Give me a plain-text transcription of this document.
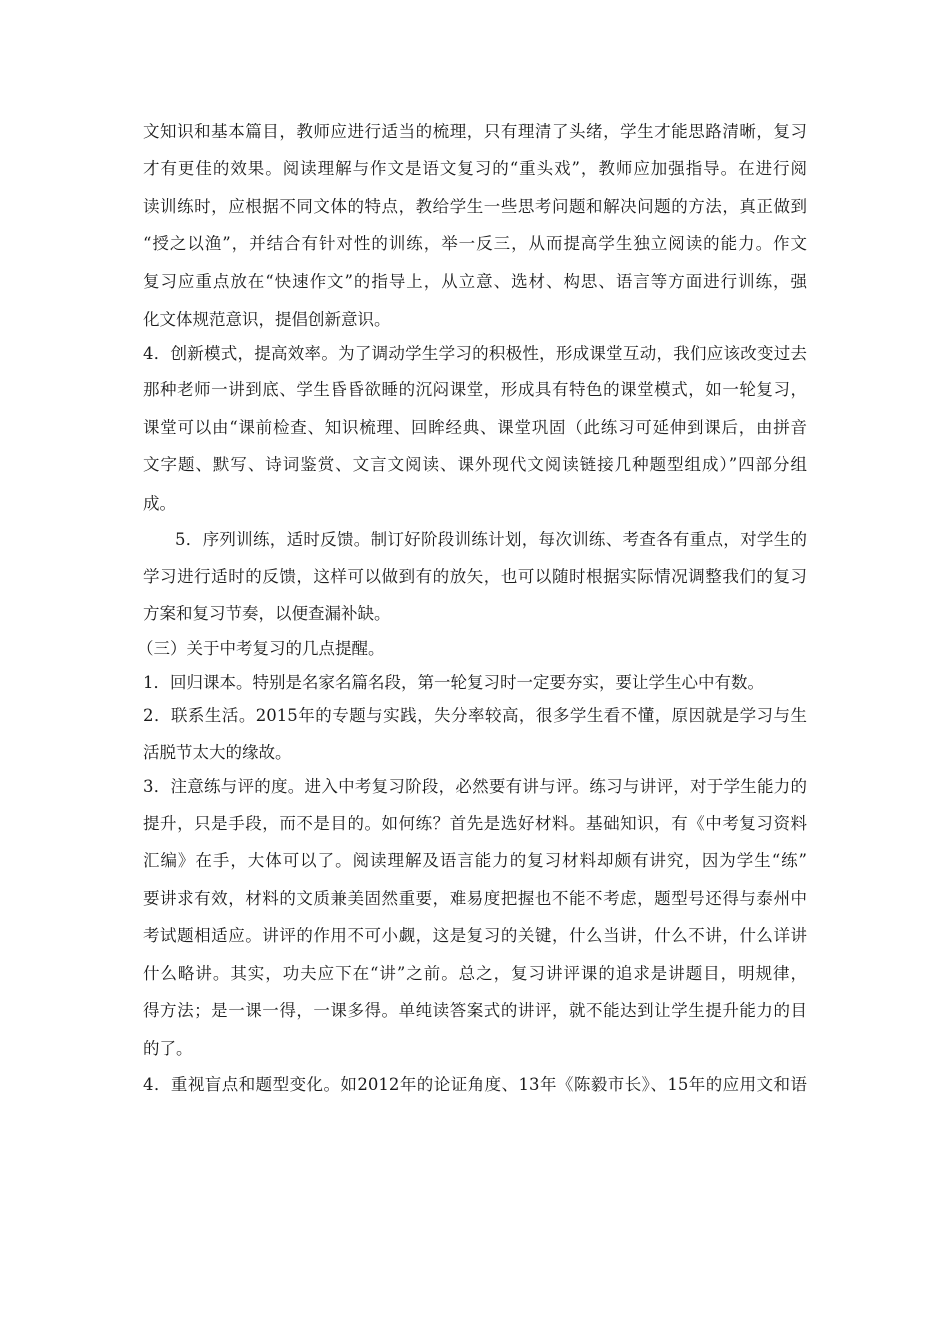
文知识和基本篇目，教师应进行适当的梳理，只有理清了头绪，学生才能思路清晰，复习
才有更佳的效果。阅读理解与作文是语文复习的“重头戏”，教师应加强指导。在进行阅
读训练时，应根据不同文体的特点，教给学生一些思考问题和解决问题的方法，真正做到
“授之以渔”，并结合有针对性的训练，举一反三，从而提高学生独立阅读的能力。作文
复习应重点放在“快速作文”的指导上，从立意、选材、构思、语言等方面进行训练，强
化文体规范意识，提倡创新意识。
4．创新模式，提高效率。为了调动学生学习的积极性，形成课堂互动，我们应该改变过去
那种老师一讲到底、学生昏昏欲睡的沉闷课堂，形成具有特色的课堂模式，如一轮复习，
课堂可以由“课前检查、知识梳理、回眸经典、课堂巩固（此练习可延伸到课后，由拼音
文字题、默写、诗词鉴赏、文言文阅读、课外现代文阅读链接几种题型组成）”四部分组
成。
5．序列训练，适时反馈。制订好阶段训练计划，每次训练、考查各有重点，对学生的
学习进行适时的反馈，这样可以做到有的放矢，也可以随时根据实际情况调整我们的复习
方案和复习节奏，以便查漏补缺。
（三）关于中考复习的几点提醒。
1．回归课本。特别是名家名篇名段，第一轮复习时一定要夯实，要让学生心中有数。
2．联系生活。2015年的专题与实践，失分率较高，很多学生看不懂，原因就是学习与生
活脱节太大的缘故。
3．注意练与评的度。进入中考复习阶段，必然要有讲与评。练习与讲评，对于学生能力的
提升，只是手段，而不是目的。如何练？首先是选好材料。基础知识，有《中考复习资料
汇编》在手，大体可以了。阅读理解及语言能力的复习材料却颇有讲究，因为学生“练”
要讲求有效，材料的文质兼美固然重要，难易度把握也不能不考虑，题型号还得与泰州中
考试题相适应。讲评的作用不可小觑，这是复习的关键，什么当讲，什么不讲，什么详讲
什么略讲。其实，功夫应下在“讲”之前。总之，复习讲评课的追求是讲题目，明规律，
得方法；是一课一得，一课多得。单纯读答案式的讲评，就不能达到让学生提升能力的目
的了。
4．重视盲点和题型变化。如2012年的论证角度、13年《陈毅市长》、15年的应用文和语
